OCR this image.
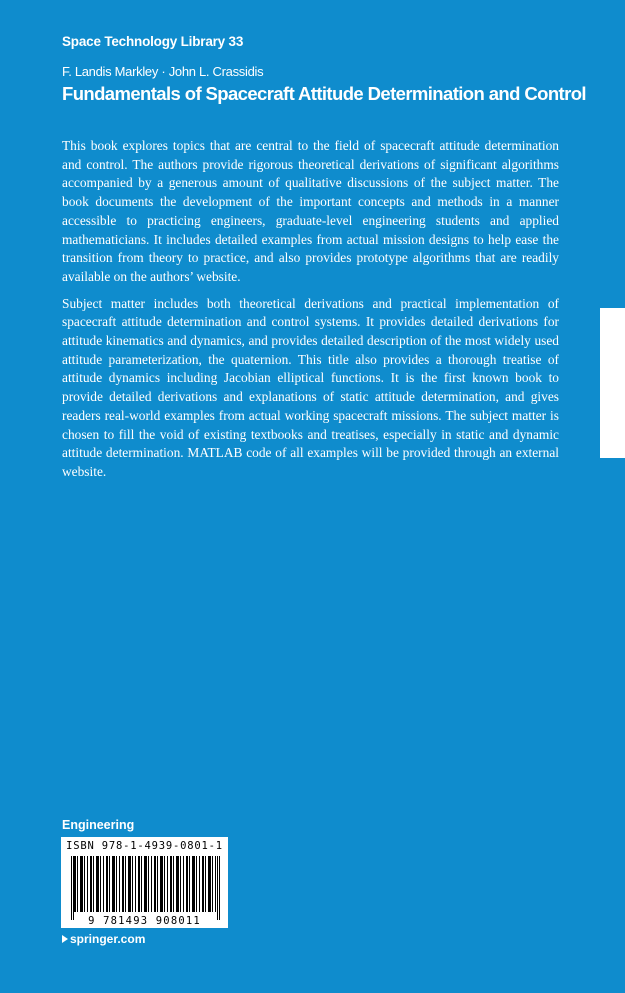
Space Technology Library 33
F. Landis Markley · John L. Crassidis
Fundamentals of Spacecraft Attitude Determination and Control

This book explores topics that are central to the field of spacecraft attitude determination and control. The authors provide rigorous theoretical derivations of significant algorithms accompanied by a generous amount of qualitative discussions of the subject matter. The book documents the development of the important concepts and methods in a manner accessible to practicing engineers, graduate-level engineering students and applied mathematicians. It includes detailed examples from actual mission designs to help ease the transition from theory to practice, and also provides prototype algorithms that are readily available on the authors’ website.

Subject matter includes both theoretical derivations and practical implementation of spacecraft attitude determination and control systems. It provides detailed derivations for attitude kinematics and dynamics, and provides detailed description of the most widely used attitude parameterization, the quaternion. This title also provides a thorough treatise of attitude dynamics including Jacobian elliptical functions. It is the first known book to provide detailed derivations and explanations of static attitude determination, and gives readers real-world examples from actual working spacecraft missions. The subject matter is chosen to fill the void of existing textbooks and treatises, especially in static and dynamic attitude determination. MATLAB code of all examples will be provided through an external website.

Engineering
ISBN 978-1-4939-0801-1
9 781493 908011
springer.com
